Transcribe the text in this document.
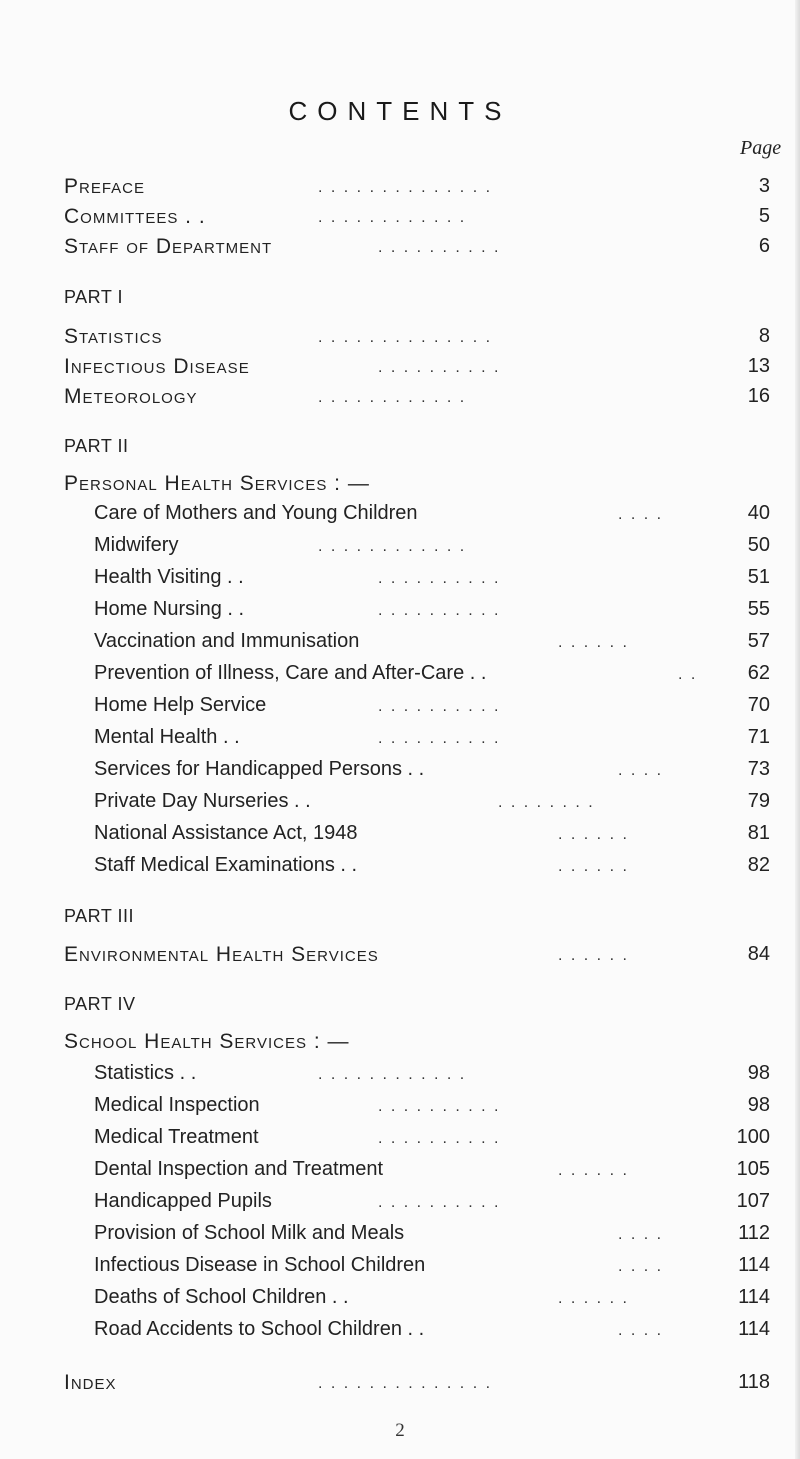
CONTENTS
Page
Preface	. . . . . . . . . . . . . .	3
Committees . .	. . . . . . . . . . . .	5
Staff of Department	. . . . . . . . . .	6
PART I
Statistics	. . . . . . . . . . . . . .	8
Infectious Disease	. . . . . . . . . .	13
Meteorology	. . . . . . . . . . . .	16
PART II
Personal Health Services : —
Care of Mothers and Young Children	. . . .	40
Midwifery	. . . . . . . . . . . .	50
Health Visiting . .	. . . . . . . . . .	51
Home Nursing . .	. . . . . . . . . .	55
Vaccination and Immunisation	. . . . . .	57
Prevention of Illness, Care and After-Care . .	. .	62
Home Help Service	. . . . . . . . . .	70
Mental Health . .	. . . . . . . . . .	71
Services for Handicapped Persons . .	. . . .	73
Private Day Nurseries . .	. . . . . . . .	79
National Assistance Act, 1948	. . . . . .	81
Staff Medical Examinations . .	. . . . . .	82
PART III
Environmental Health Services	. . . . . .	84
PART IV
School Health Services : —
Statistics . .	. . . . . . . . . . . .	98
Medical Inspection	. . . . . . . . . .	98
Medical Treatment	. . . . . . . . . .	100
Dental Inspection and Treatment	. . . . . .	105
Handicapped Pupils	. . . . . . . . . .	107
Provision of School Milk and Meals	. . . .	112
Infectious Disease in School Children	. . . .	114
Deaths of School Children . .	. . . . . .	114
Road Accidents to School Children . .	. . . .	114
Index	. . . . . . . . . . . . . .	118
2
